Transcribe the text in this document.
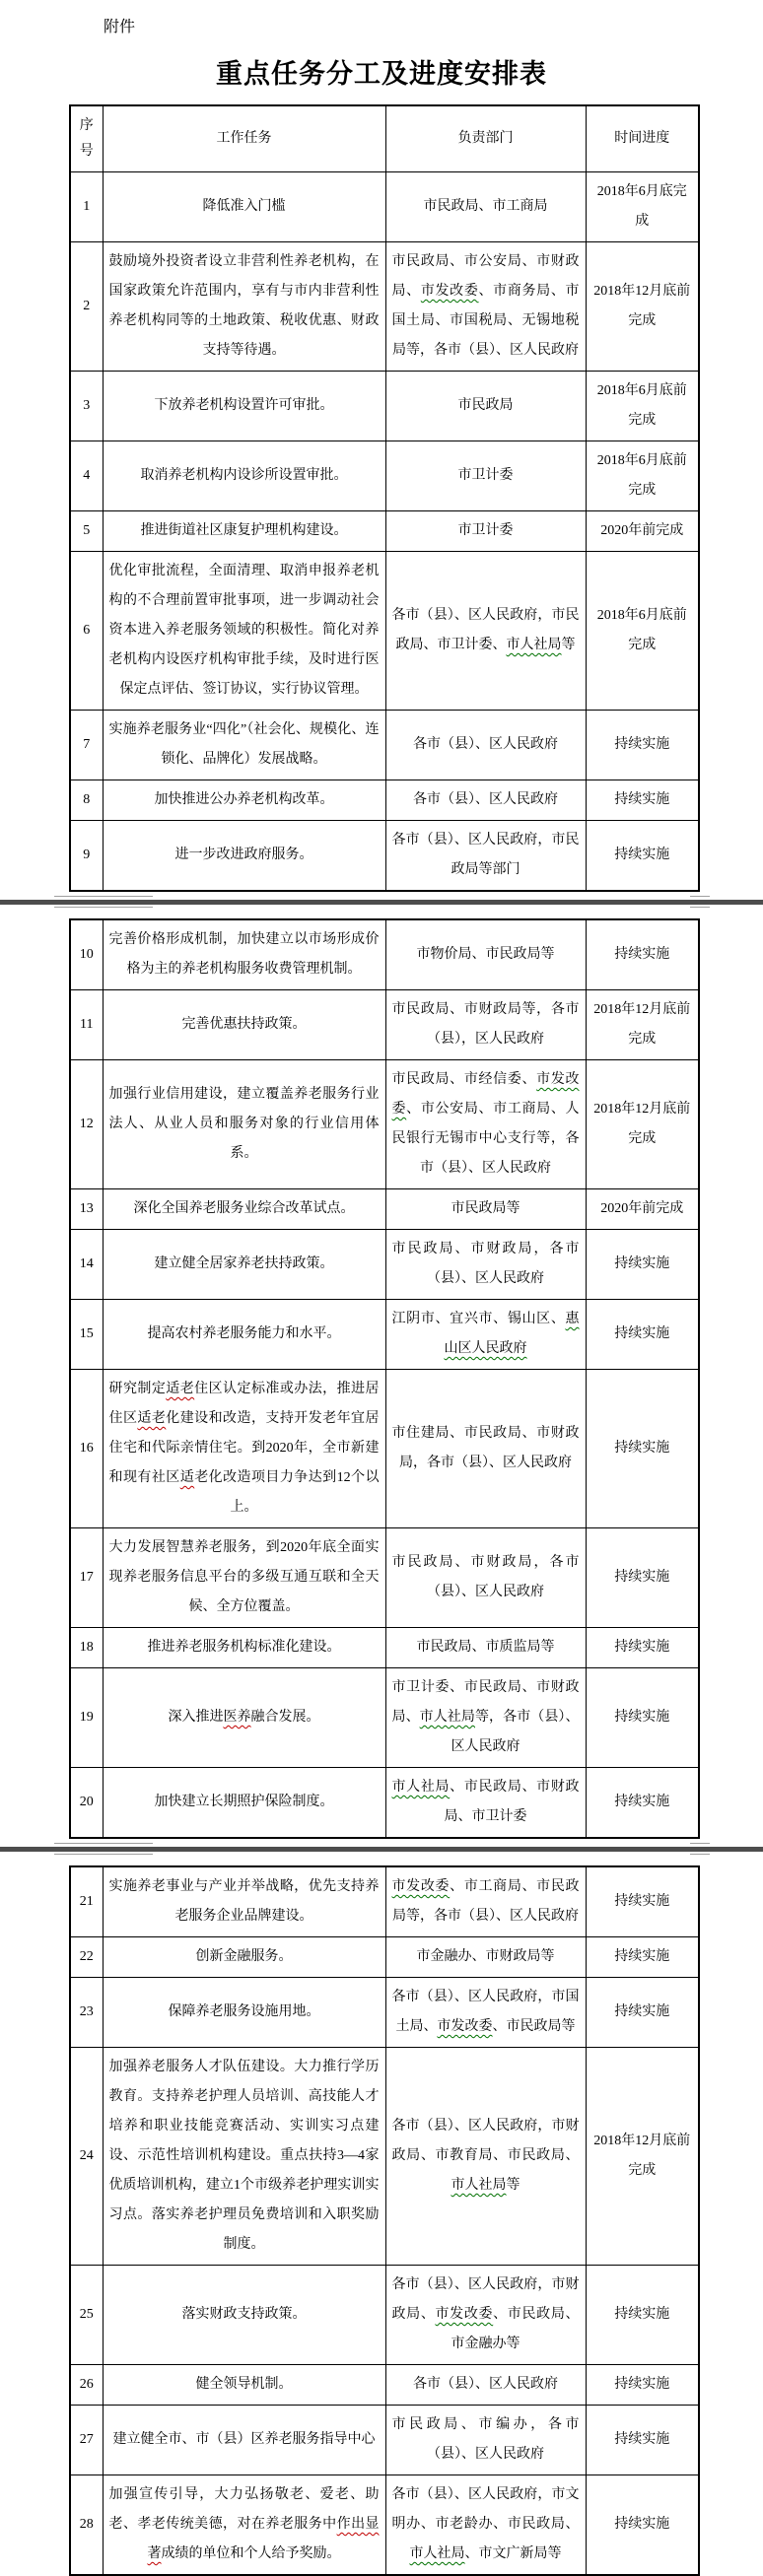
附件
重点任务分工及进度安排表
序号	工作任务	负责部门	时间进度
1	降低准入门槛	市民政局、市工商局	2018年6月底完成
2	鼓励境外投资者设立非营利性养老机构，在国家政策允许范围内，享有与市内非营利性养老机构同等的土地政策、税收优惠、财政支持等待遇。	市民政局、市公安局、市财政局、市发改委、市商务局、市国土局、市国税局、无锡地税局等，各市（县）、区人民政府	2018年12月底前完成
3	下放养老机构设置许可审批。	市民政局	2018年6月底前完成
4	取消养老机构内设诊所设置审批。	市卫计委	2018年6月底前完成
5	推进街道社区康复护理机构建设。	市卫计委	2020年前完成
6	优化审批流程，全面清理、取消申报养老机构的不合理前置审批事项，进一步调动社会资本进入养老服务领域的积极性。简化对养老机构内设医疗机构审批手续，及时进行医保定点评估、签订协议，实行协议管理。	各市（县）、区人民政府，市民政局、市卫计委、市人社局等	2018年6月底前完成
7	实施养老服务业“四化”（社会化、规模化、连锁化、品牌化）发展战略。	各市（县）、区人民政府	持续实施
8	加快推进公办养老机构改革。	各市（县）、区人民政府	持续实施
9	进一步改进政府服务。	各市（县）、区人民政府，市民政局等部门	持续实施
10	完善价格形成机制，加快建立以市场形成价格为主的养老机构服务收费管理机制。	市物价局、市民政局等	持续实施
11	完善优惠扶持政策。	市民政局、市财政局等，各市（县），区人民政府	2018年12月底前完成
12	加强行业信用建设，建立覆盖养老服务行业法人、从业人员和服务对象的行业信用体系。	市民政局、市经信委、市发改委、市公安局、市工商局、人民银行无锡市中心支行等，各市（县）、区人民政府	2018年12月底前完成
13	深化全国养老服务业综合改革试点。	市民政局等	2020年前完成
14	建立健全居家养老扶持政策。	市民政局、市财政局，各市（县）、区人民政府	持续实施
15	提高农村养老服务能力和水平。	江阴市、宜兴市、锡山区、惠山区人民政府	持续实施
16	研究制定适老住区认定标准或办法，推进居住区适老化建设和改造，支持开发老年宜居住宅和代际亲情住宅。到2020年，全市新建和现有社区适老化改造项目力争达到12个以上。	市住建局、市民政局、市财政局，各市（县）、区人民政府	持续实施
17	大力发展智慧养老服务，到2020年底全面实现养老服务信息平台的多级互通互联和全天候、全方位覆盖。	市民政局、市财政局，各市（县）、区人民政府	持续实施
18	推进养老服务机构标准化建设。	市民政局、市质监局等	持续实施
19	深入推进医养融合发展。	市卫计委、市民政局、市财政局、市人社局等，各市（县）、区人民政府	持续实施
20	加快建立长期照护保险制度。	市人社局、市民政局、市财政局、市卫计委	持续实施
21	实施养老事业与产业并举战略，优先支持养老服务企业品牌建设。	市发改委、市工商局、市民政局等，各市（县）、区人民政府	持续实施
22	创新金融服务。	市金融办、市财政局等	持续实施
23	保障养老服务设施用地。	各市（县）、区人民政府，市国土局、市发改委、市民政局等	持续实施
24	加强养老服务人才队伍建设。大力推行学历教育。支持养老护理人员培训、高技能人才培养和职业技能竞赛活动、实训实习点建设、示范性培训机构建设。重点扶持3—4家优质培训机构，建立1个市级养老护理实训实习点。落实养老护理员免费培训和入职奖励制度。	各市（县）、区人民政府，市财政局、市教育局、市民政局、市人社局等	2018年12月底前完成
25	落实财政支持政策。	各市（县）、区人民政府，市财政局、市发改委、市民政局、市金融办等	持续实施
26	健全领导机制。	各市（县）、区人民政府	持续实施
27	建立健全市、市（县）区养老服务指导中心	市民政局、市编办，各市（县）、区人民政府	持续实施
28	加强宣传引导，大力弘扬敬老、爱老、助老、孝老传统美德，对在养老服务中作出显著成绩的单位和个人给予奖励。	各市（县）、区人民政府，市文明办、市老龄办、市民政局、市人社局、市文广新局等	持续实施
